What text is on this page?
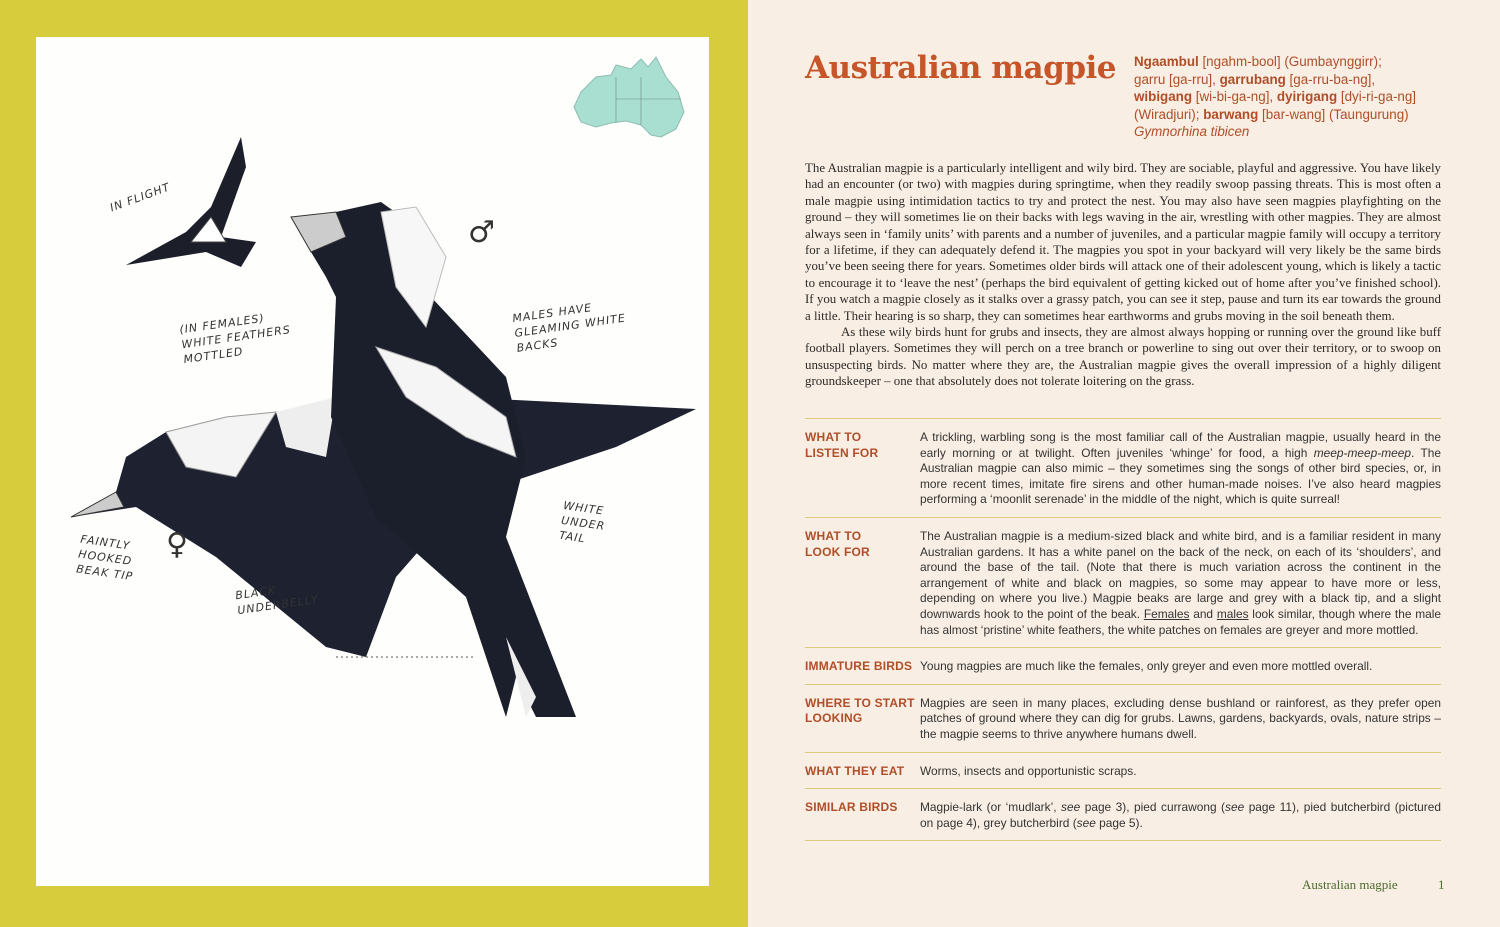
IN FLIGHT
(IN FEMALES) WHITE FEATHERS MOTTLED
MALES HAVE GLEAMING WHITE BACKS
WHITE UNDER TAIL
FAINTLY HOOKED BEAK TIP
BLACK UNDERBELLY
♂
♀
Australian magpie Ngaambul [ngahm-bool] (Gumbaynggirr);
garru [ga-rru], garrubang [ga-rru-ba-ng],
wibigang [wi-bi-ga-ng], dyirigang [dyi-ri-ga-ng]
(Wiradjuri); barwang [bar-wang] (Taungurung)
Gymnorhina tibicen

The Australian magpie is a particularly intelligent and wily bird. They are sociable, playful and aggressive. You have likely had an encounter (or two) with magpies during springtime, when they readily swoop passing threats. This is most often a male magpie using intimidation tactics to try and protect the nest. You may also have seen magpies playfighting on the ground – they will sometimes lie on their backs with legs waving in the air, wrestling with other magpies. They are almost always seen in ‘family units’ with parents and a number of juveniles, and a particular magpie family will occupy a territory for a lifetime, if they can adequately defend it. The magpies you spot in your backyard will very likely be the same birds you’ve been seeing there for years. Sometimes older birds will attack one of their adolescent young, which is likely a tactic to encourage it to ‘leave the nest’ (perhaps the bird equivalent of getting kicked out of home after you’ve finished school). If you watch a magpie closely as it stalks over a grassy patch, you can see it step, pause and turn its ear towards the ground a little. Their hearing is so sharp, they can sometimes hear earthworms and grubs moving in the soil beneath them.

As these wily birds hunt for grubs and insects, they are almost always hopping or running over the ground like buff football players. Sometimes they will perch on a tree branch or powerline to sing out over their territory, or to swoop on unsuspecting birds. No matter where they are, the Australian magpie gives the overall impression of a highly diligent groundskeeper – one that absolutely does not tolerate loitering on the grass.

WHAT TO
LISTEN FOR
A trickling, warbling song is the most familiar call of the Australian magpie, usually heard in the early morning or at twilight. Often juveniles ‘whinge’ for food, a high meep-meep-meep. The Australian magpie can also mimic – they sometimes sing the songs of other bird species, or, in more recent times, imitate fire sirens and other human-made noises. I’ve also heard magpies performing a ‘moonlit serenade’ in the middle of the night, which is quite surreal!
WHAT TO
LOOK FOR
The Australian magpie is a medium-sized black and white bird, and is a familiar resident in many Australian gardens. It has a white panel on the back of the neck, on each of its ‘shoulders’, and around the base of the tail. (Note that there is much variation across the continent in the arrangement of white and black on magpies, so some may appear to have more or less, depending on where you live.) Magpie beaks are large and grey with a black tip, and a slight downwards hook to the point of the beak. Females and males look similar, though where the male has almost ‘pristine’ white feathers, the white patches on females are greyer and more mottled.
IMMATURE BIRDS Young magpies are much like the females, only greyer and even more mottled overall.
WHERE TO START
LOOKING
Magpies are seen in many places, excluding dense bushland or rainforest, as they prefer open patches of ground where they can dig for grubs. Lawns, gardens, backyards, ovals, nature strips – the magpie seems to thrive anywhere humans dwell.
WHAT THEY EAT	Worms, insects and opportunistic scraps.
SIMILAR BIRDS	Magpie-lark (or ‘mudlark’, see page 3), pied currawong (see page 11), pied butcherbird (pictured on page 4), grey butcherbird (see page 5).
Australian magpie	1
